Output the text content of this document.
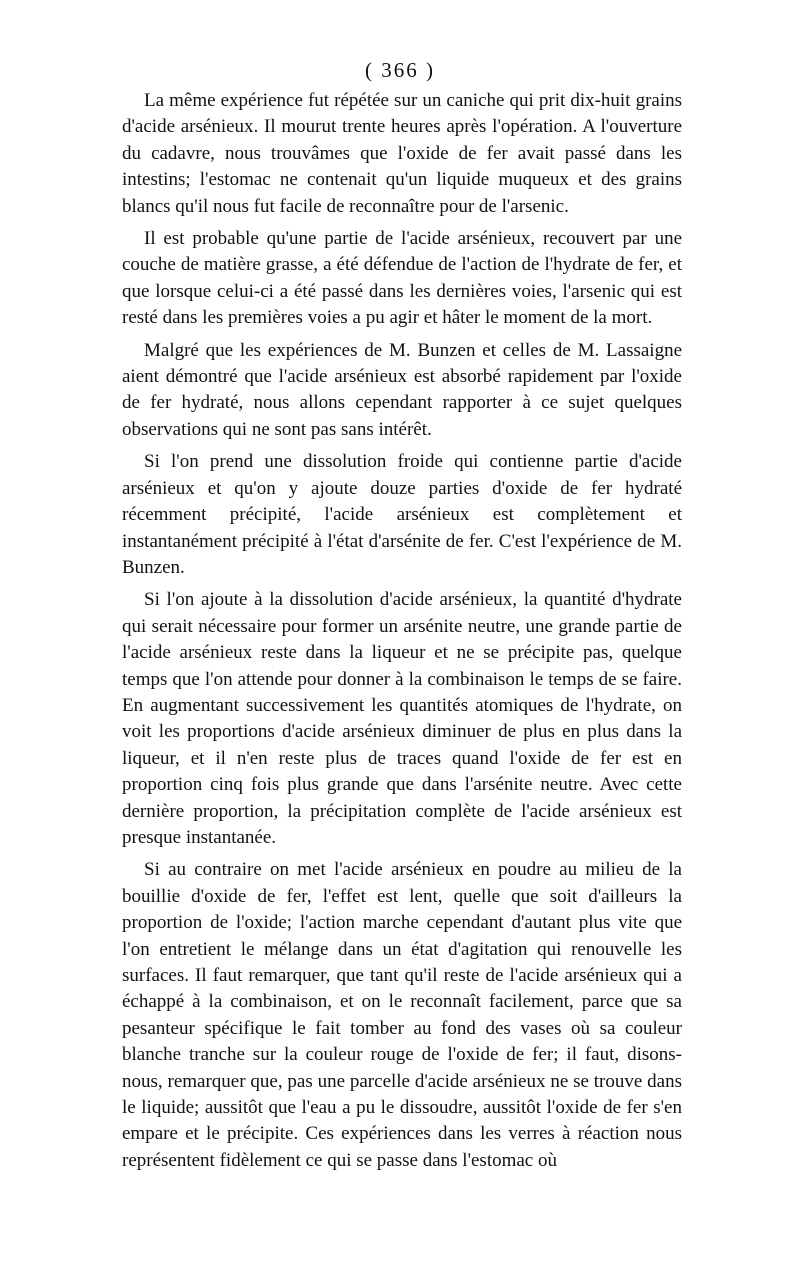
( 366 )

La même expérience fut répétée sur un caniche qui prit dix-huit grains d'acide arsénieux. Il mourut trente heures après l'opération. A l'ouverture du cadavre, nous trouvâmes que l'oxide de fer avait passé dans les intestins; l'estomac ne contenait qu'un liquide muqueux et des grains blancs qu'il nous fut facile de reconnaître pour de l'arsenic.

Il est probable qu'une partie de l'acide arsénieux, recouvert par une couche de matière grasse, a été défendue de l'action de l'hydrate de fer, et que lorsque celui-ci a été passé dans les dernières voies, l'arsenic qui est resté dans les premières voies a pu agir et hâter le moment de la mort.

Malgré que les expériences de M. Bunzen et celles de M. Lassaigne aient démontré que l'acide arsénieux est absorbé rapidement par l'oxide de fer hydraté, nous allons cependant rapporter à ce sujet quelques observations qui ne sont pas sans intérêt.

Si l'on prend une dissolution froide qui contienne partie d'acide arsénieux et qu'on y ajoute douze parties d'oxide de fer hydraté récemment précipité, l'acide arsénieux est complètement et instantanément précipité à l'état d'arsénite de fer. C'est l'expérience de M. Bunzen.

Si l'on ajoute à la dissolution d'acide arsénieux, la quantité d'hydrate qui serait nécessaire pour former un arsénite neutre, une grande partie de l'acide arsénieux reste dans la liqueur et ne se précipite pas, quelque temps que l'on attende pour donner à la combinaison le temps de se faire. En augmentant successivement les quantités atomiques de l'hydrate, on voit les proportions d'acide arsénieux diminuer de plus en plus dans la liqueur, et il n'en reste plus de traces quand l'oxide de fer est en proportion cinq fois plus grande que dans l'arsénite neutre. Avec cette dernière proportion, la précipitation complète de l'acide arsénieux est presque instantanée.

Si au contraire on met l'acide arsénieux en poudre au milieu de la bouillie d'oxide de fer, l'effet est lent, quelle que soit d'ailleurs la proportion de l'oxide; l'action marche cependant d'autant plus vite que l'on entretient le mélange dans un état d'agitation qui renouvelle les surfaces. Il faut remarquer, que tant qu'il reste de l'acide arsénieux qui a échappé à la combinaison, et on le reconnaît facilement, parce que sa pesanteur spécifique le fait tomber au fond des vases où sa couleur blanche tranche sur la couleur rouge de l'oxide de fer; il faut, disons-nous, remarquer que, pas une parcelle d'acide arsénieux ne se trouve dans le liquide; aussitôt que l'eau a pu le dissoudre, aussitôt l'oxide de fer s'en empare et le précipite. Ces expériences dans les verres à réaction nous représentent fidèlement ce qui se passe dans l'estomac où
